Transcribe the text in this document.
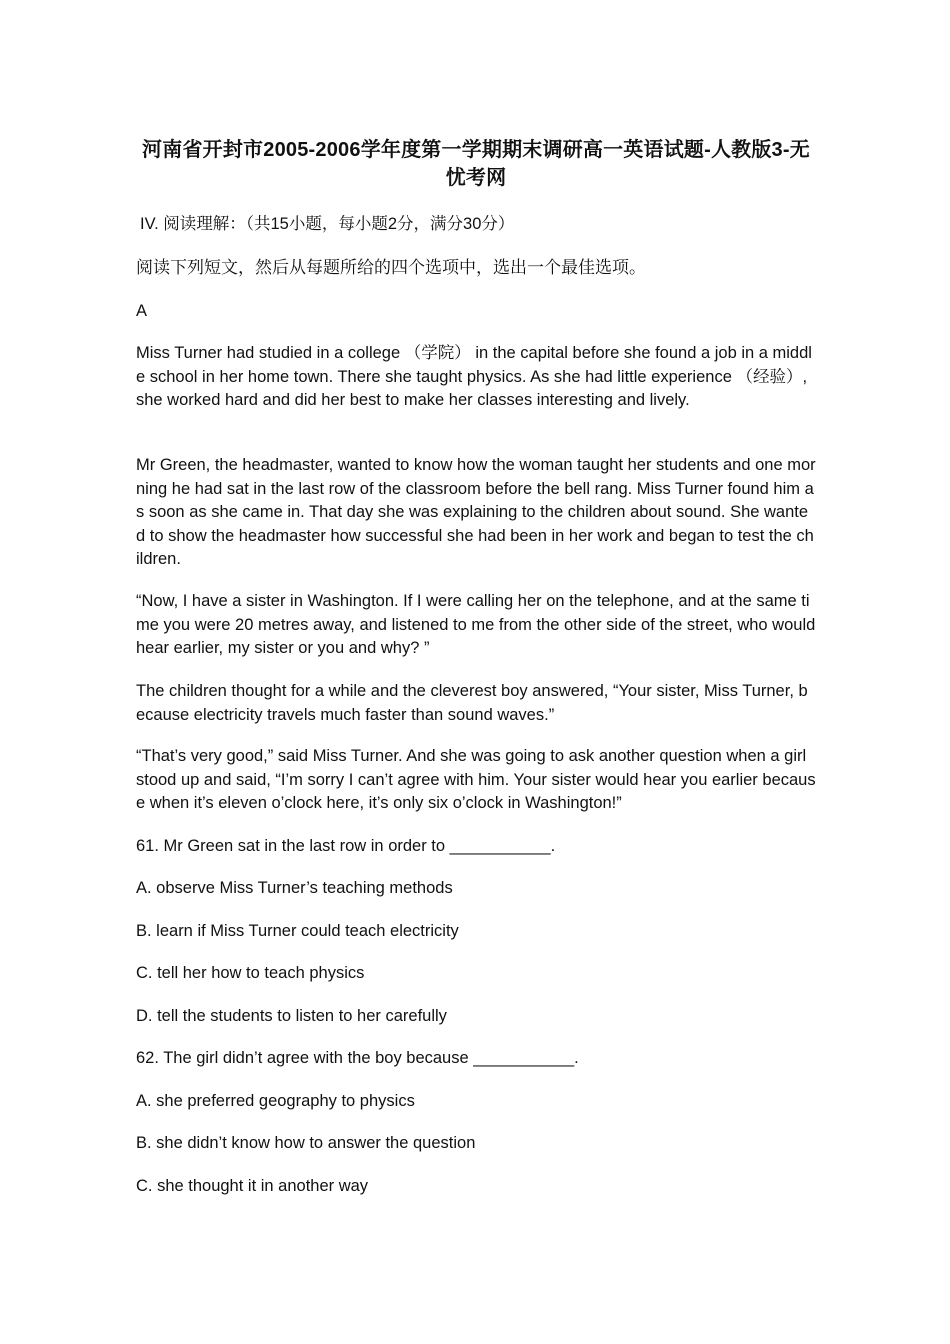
河南省开封市2005-2006学年度第一学期期末调研高一英语试题-人教版3-无忧考网
IV. 阅读理解：（共15小题，每小题2分，满分30分）
阅读下列短文，然后从每题所给的四个选项中，选出一个最佳选项。
A
Miss Turner had studied in a college （学院） in the capital before she found a job in a middle school in her home town. There she taught physics. As she had little experience （经验）, she worked hard and did her best to make her classes interesting and lively.
Mr Green, the headmaster, wanted to know how the woman taught her students and one morning he had sat in the last row of the classroom before the bell rang. Miss Turner found him as soon as she came in. That day she was explaining to the children about sound. She wanted to show the headmaster how successful she had been in her work and began to test the children.
“Now, I have a sister in Washington. If I were calling her on the telephone, and at the same time you were 20 metres away, and listened to me from the other side of the street, who would hear earlier, my sister or you and why? ”
The children thought for a while and the cleverest boy answered, “Your sister, Miss Turner, because electricity travels much faster than sound waves.”
“That’s very good,” said Miss Turner. And she was going to ask another question when a girl stood up and said, “I’m sorry I can’t agree with him. Your sister would hear you earlier because when it’s eleven o’clock here, it’s only six o’clock in Washington!”
61. Mr Green sat in the last row in order to ___________.
A. observe Miss Turner’s teaching methods
B. learn if Miss Turner could teach electricity
C. tell her how to teach physics
D. tell the students to listen to her carefully
62. The girl didn’t agree with the boy because ___________.
A. she preferred geography to physics
B. she didn’t know how to answer the question
C. she thought it in another way
